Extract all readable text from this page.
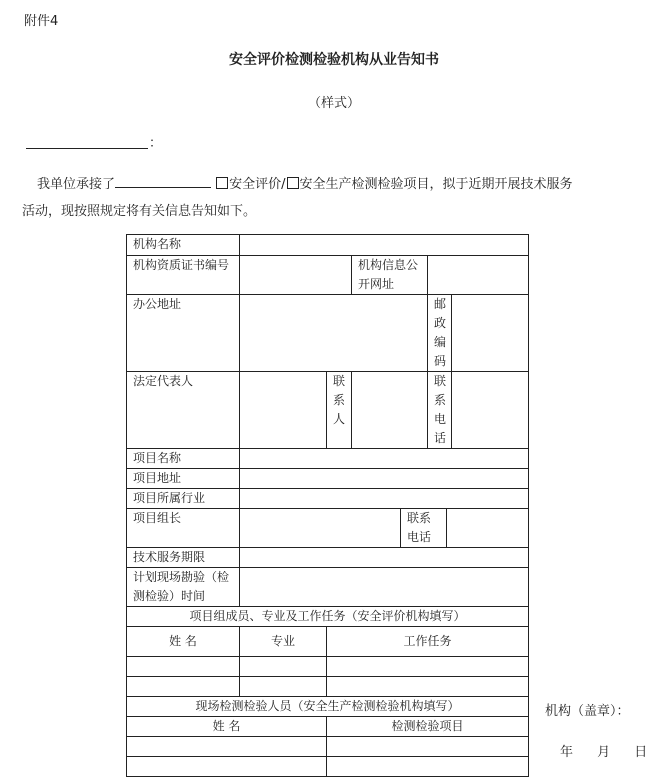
附件4
安全评价检测检验机构从业告知书
（样式）
：
我单位承接了	安全评价/ 安全生产检测检验项目，拟于近期开展技术服务
活动，现按照规定将有关信息告知如下。
机构名称							
机构资质证书编号			机构信息公开网址				
办公地址					邮政编码		
法定代表人		联系人			联系电话		
项目名称							
项目地址							
项目所属行业							
项目组长				联系电话			
技术服务期限							
计划现场勘验（检测检验）时间							
项目组成员、专业及工作任务（安全评价机构填写）							
姓 名	专业	工作任务					

现场检测检验人员（安全生产检测检验机构填写）							
姓 名		检测检验项目					

机构（盖章）：
年 月 日
